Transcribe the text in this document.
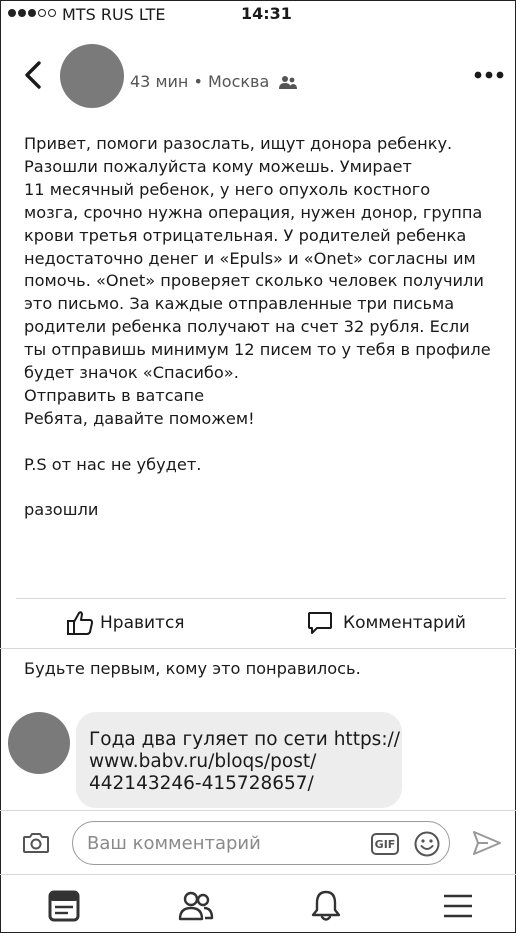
MTS RUS LTE	14:31
43 мин • Москва

Привет, помоги разослать, ищут донора ребенку.

Разошли пожалуйста кому можешь. Умирает

11 месячный ребенок, у него опухоль костного

мозга, срочно нужна операция, нужен донор, группа

крови третья отрицательная. У родителей ребенка

недостаточно денег и «Epuls» и «Onet» согласны им

помочь. «Onet» проверяет сколько человек получили

это письмо. За каждые отправленные три письма

родители ребенка получают на счет 32 рубля. Если

ты отправишь минимум 12 писем то у тебя в профиле

будет значок «Спасибо».

Отправить в ватсапе

Ребята, давайте поможем!

P.S от нас не убудет.

разошли

Нравится	Комментарий
Будьте первым, кому это понравилось.

Года два гуляет по сети https://

www.babv.ru/bloqs/post/

442143246-415728657/

Ваш комментарий
GIF
